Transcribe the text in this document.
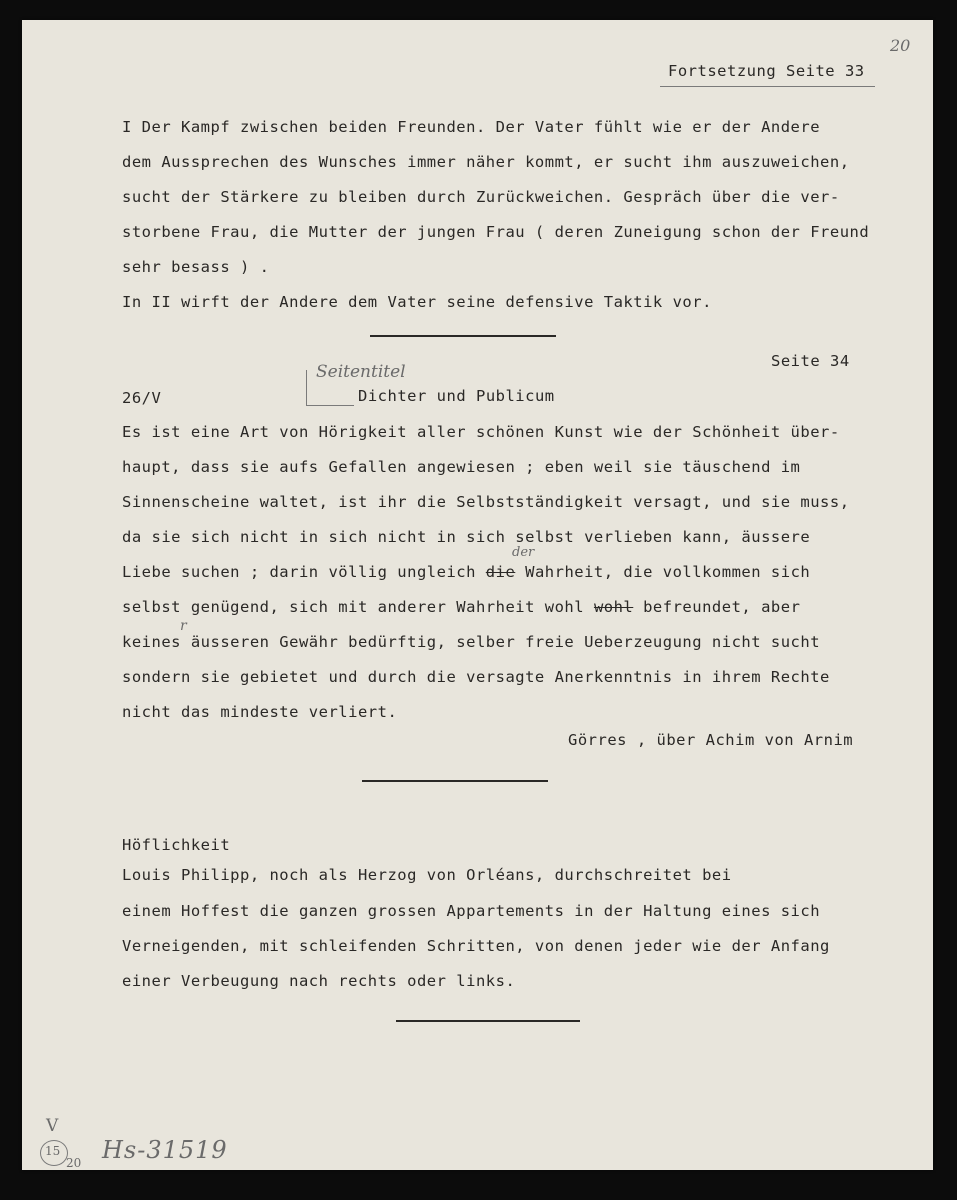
Fortsetzung Seite 33
20
I Der Kampf zwischen beiden Freunden. Der Vater fühlt wie er der Andere
dem Aussprechen des Wunsches immer näher kommt, er sucht ihm auszuweichen,
sucht der Stärkere zu bleiben durch Zurückweichen. Gespräch über die ver-
storbene Frau, die Mutter der jungen Frau ( deren Zuneigung schon der Freund
sehr besass ) .
In II wirft der Andere dem Vater seine defensive Taktik vor.
Seite 34
Seitentitel
26/V	Dichter und Publicum
Es ist eine Art von Hörigkeit aller schönen Kunst wie der Schönheit über-
haupt, dass sie aufs Gefallen angewiesen ; eben weil sie täuschend im
Sinnenscheine waltet, ist ihr die Selbstständigkeit versagt, und sie muss,
da sie sich nicht in sich nicht in sich selbst verlieben kann, äussere
Liebe suchen ; darin völlig ungleich die Wahrheit, die vollkommen sich
der
selbst genügend, sich mit anderer Wahrheit wohl wohl befreundet, aber
keines äusseren Gewähr bedürftig, selber freie Ueberzeugung nicht sucht
r
sondern sie gebietet und durch die versagte Anerkenntnis in ihrem Rechte
nicht das mindeste verliert.
Görres , über Achim von Arnim
Höflichkeit
Louis Philipp, noch als Herzog von Orléans, durchschreitet bei
einem Hoffest die ganzen grossen Appartements in der Haltung eines sich
Verneigenden, mit schleifenden Schritten, von denen jeder wie der Anfang
einer Verbeugung nach rechts oder links.
V
15
20 Hs-31519
